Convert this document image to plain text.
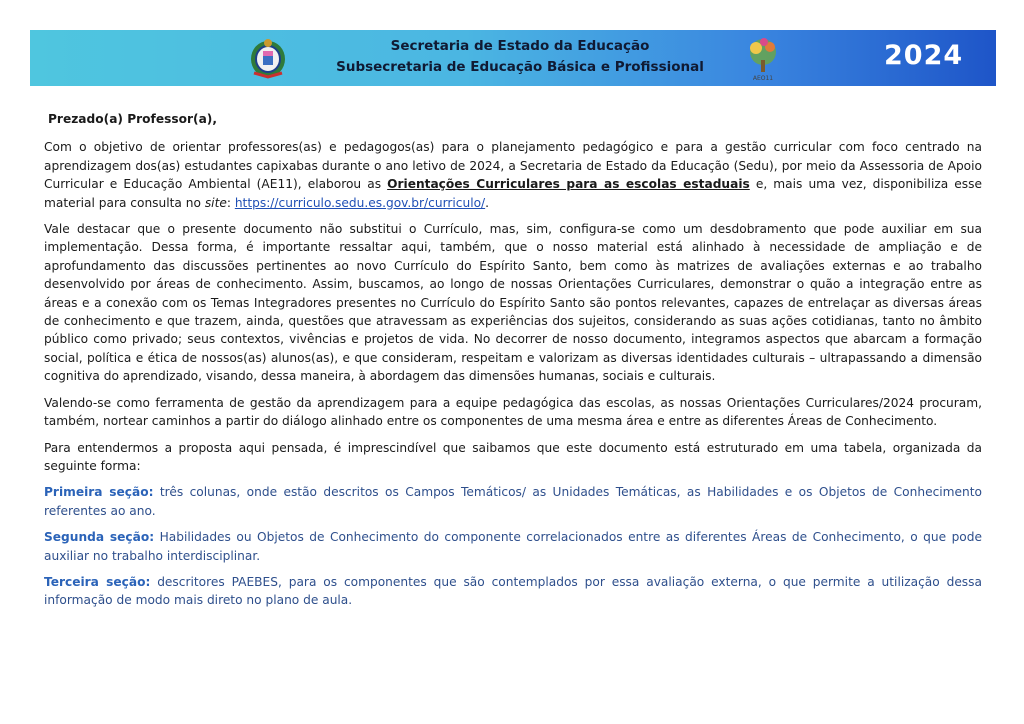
Secretaria de Estado da Educação
Subsecretaria de Educação Básica e Profissional
AEO11
2024

Prezado(a) Professor(a),

Com o objetivo de orientar professores(as) e pedagogos(as) para o planejamento pedagógico e para a gestão curricular com foco centrado na aprendizagem dos(as) estudantes capixabas durante o ano letivo de 2024, a Secretaria de Estado da Educação (Sedu), por meio da Assessoria de Apoio Curricular e Educação Ambiental (AE11), elaborou as Orientações Curriculares para as escolas estaduais e, mais uma vez, disponibiliza esse material para consulta no site: https://curriculo.sedu.es.gov.br/curriculo/.

Vale destacar que o presente documento não substitui o Currículo, mas, sim, configura-se como um desdobramento que pode auxiliar em sua implementação. Dessa forma, é importante ressaltar aqui, também, que o nosso material está alinhado à necessidade de ampliação e de aprofundamento das discussões pertinentes ao novo Currículo do Espírito Santo, bem como às matrizes de avaliações externas e ao trabalho desenvolvido por áreas de conhecimento. Assim, buscamos, ao longo de nossas Orientações Curriculares, demonstrar o quão a integração entre as áreas e a conexão com os Temas Integradores presentes no Currículo do Espírito Santo são pontos relevantes, capazes de entrelaçar as diversas áreas de conhecimento e que trazem, ainda, questões que atravessam as experiências dos sujeitos, considerando as suas ações cotidianas, tanto no âmbito público como privado; seus contextos, vivências e projetos de vida. No decorrer de nosso documento, integramos aspectos que abarcam a formação social, política e ética de nossos(as) alunos(as), e que consideram, respeitam e valorizam as diversas identidades culturais – ultrapassando a dimensão cognitiva do aprendizado, visando, dessa maneira, à abordagem das dimensões humanas, sociais e culturais.

Valendo-se como ferramenta de gestão da aprendizagem para a equipe pedagógica das escolas, as nossas Orientações Curriculares/2024 procuram, também, nortear caminhos a partir do diálogo alinhado entre os componentes de uma mesma área e entre as diferentes Áreas de Conhecimento.

Para entendermos a proposta aqui pensada, é imprescindível que saibamos que este documento está estruturado em uma tabela, organizada da seguinte forma:

Primeira seção: três colunas, onde estão descritos os Campos Temáticos/ as Unidades Temáticas, as Habilidades e os Objetos de Conhecimento referentes ao ano.

Segunda seção: Habilidades ou Objetos de Conhecimento do componente correlacionados entre as diferentes Áreas de Conhecimento, o que pode auxiliar no trabalho interdisciplinar.

Terceira seção: descritores PAEBES, para os componentes que são contemplados por essa avaliação externa, o que permite a utilização dessa informação de modo mais direto no plano de aula.
